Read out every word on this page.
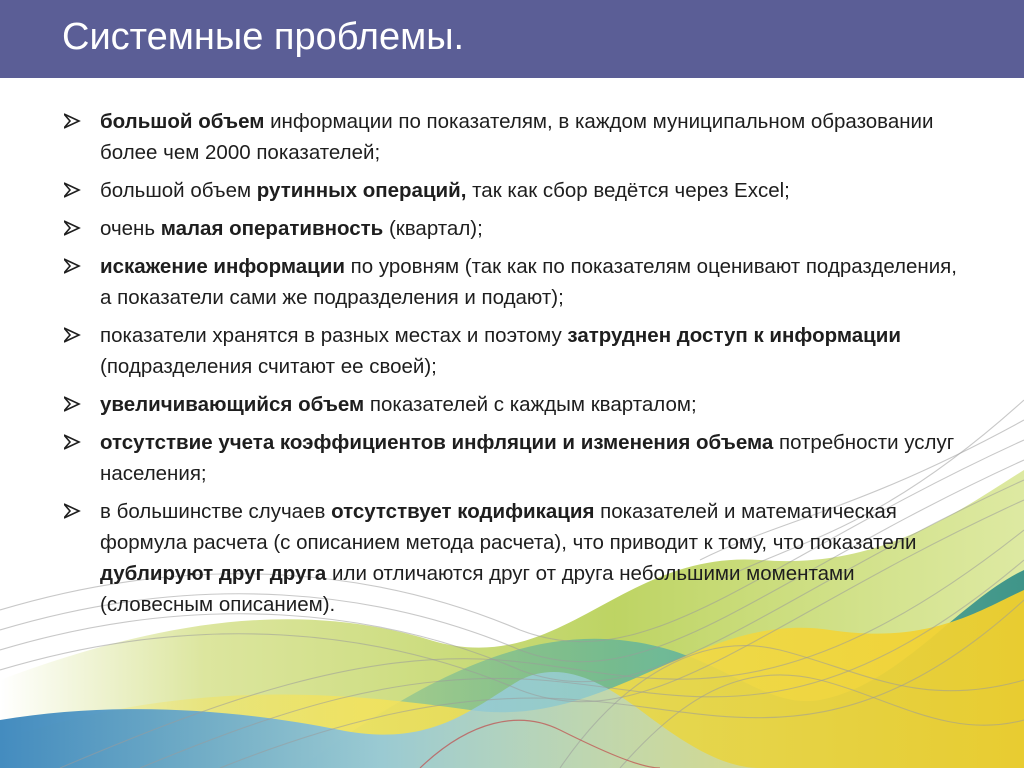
Системные проблемы.
большой объем информации по показателям, в каждом муниципальном образовании более чем 2000 показателей;
большой объем рутинных операций, так как сбор ведётся через Excel;
очень малая оперативность (квартал);
искажение информации по уровням (так как по показателям оценивают подразделения, а показатели сами же подразделения и подают);
показатели хранятся в разных местах и поэтому затруднен доступ к информации (подразделения считают ее своей);
увеличивающийся объем показателей с каждым кварталом;
отсутствие учета коэффициентов инфляции и изменения объема потребности услуг населения;
в большинстве случаев отсутствует кодификация показателей и математическая формула расчета (с описанием метода расчета), что приводит к тому, что показатели дублируют друг друга или отличаются друг от друга небольшими моментами (словесным описанием).
